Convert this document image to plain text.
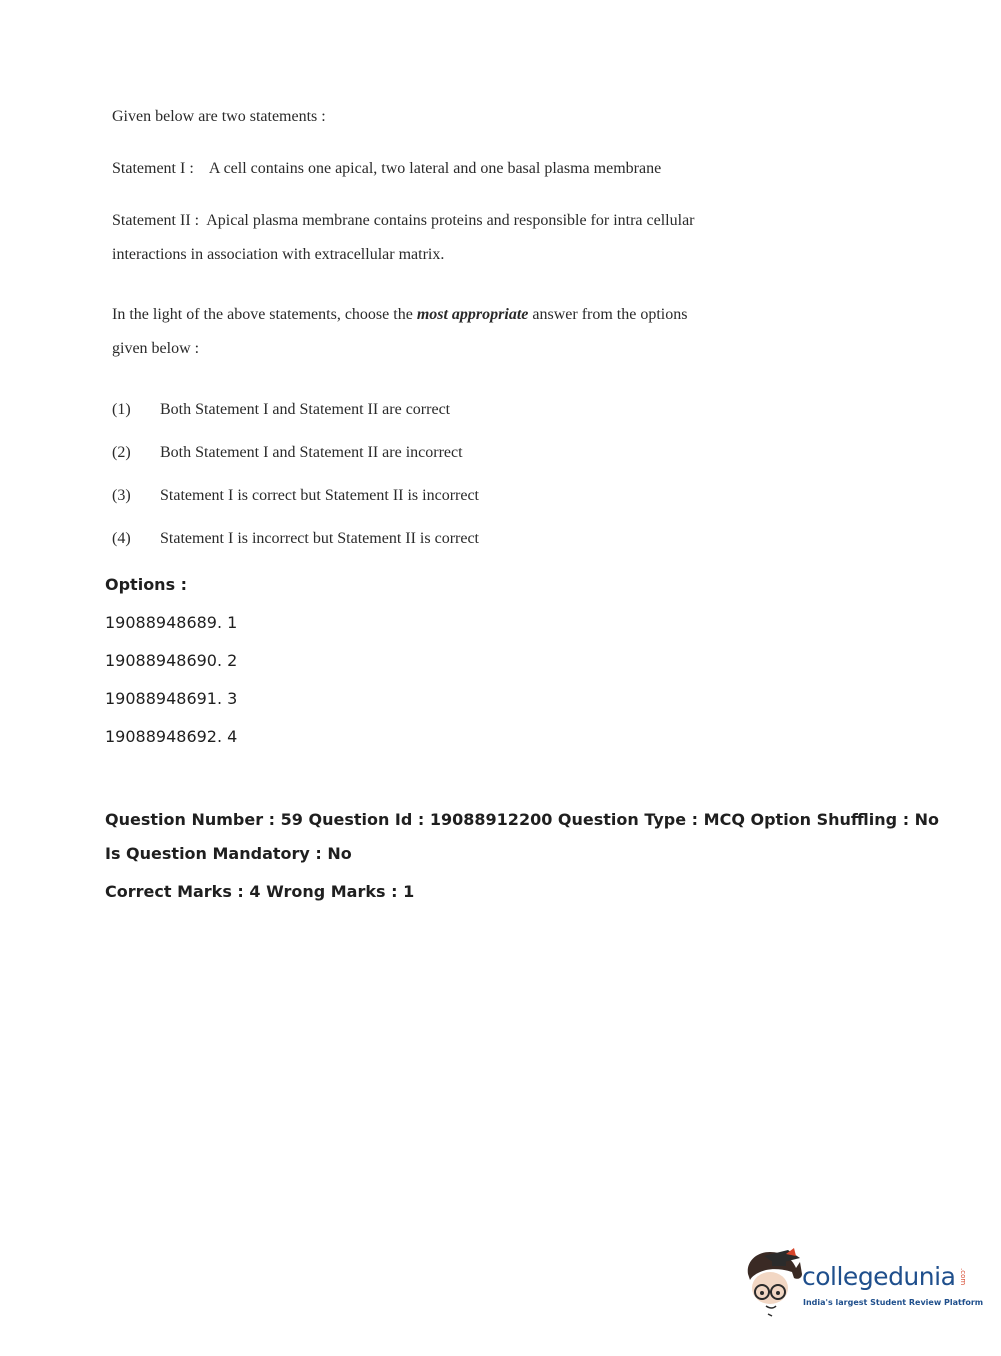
Given below are two statements :
Statement I : A cell contains one apical, two lateral and one basal plasma membrane
Statement II : Apical plasma membrane contains proteins and responsible for intra cellular
interactions in association with extracellular matrix.
In the light of the above statements, choose the most appropriate answer from the options
given below :
(1) Both Statement I and Statement II are correct
(2) Both Statement I and Statement II are incorrect
(3) Statement I is correct but Statement II is incorrect
(4) Statement I is incorrect but Statement II is correct
Options :
19088948689. 1
19088948690. 2
19088948691. 3
19088948692. 4
Question Number : 59 Question Id : 19088912200 Question Type : MCQ Option Shuffling : No
Is Question Mandatory : No
Correct Marks : 4 Wrong Marks : 1
collegedunia .com
India's largest Student Review Platform
